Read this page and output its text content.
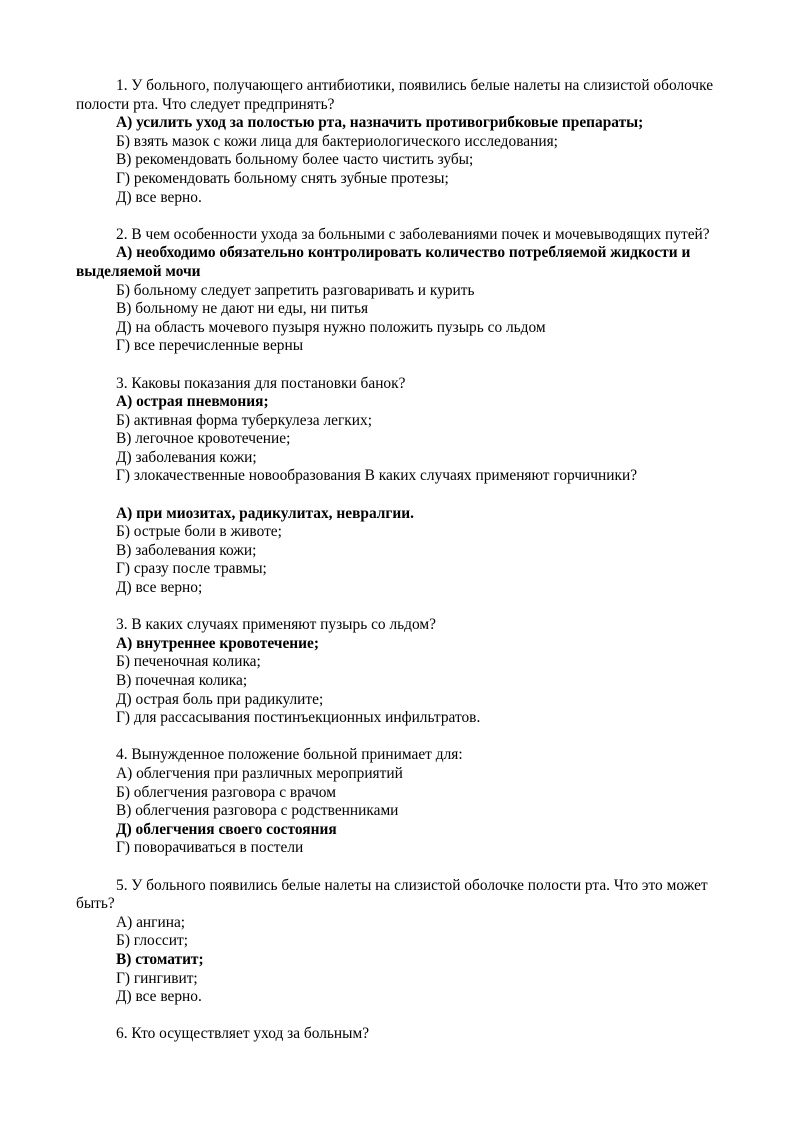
1. У больного, получающего антибиотики, появились белые налеты на слизистой оболочке полости рта. Что следует предпринять?

А) усилить уход за полостью рта, назначить противогрибковые препараты;

Б) взять мазок с кожи лица для бактериологического исследования;

В) рекомендовать больному более часто чистить зубы;

Г) рекомендовать больному снять зубные протезы;

Д) все верно.

2. В чем особенности ухода за больными с заболеваниями почек и мочевыводящих путей?

А) необходимо обязательно контролировать количество потребляемой жидкости и выделяемой мочи

Б) больному следует запретить разговаривать и курить

В) больному не дают ни еды, ни питья

Д) на область мочевого пузыря нужно положить пузырь со льдом

Г) все перечисленные верны

3. Каковы показания для постановки банок?

А) острая пневмония;

Б) активная форма туберкулеза легких;

В) легочное кровотечение;

Д) заболевания кожи;

Г) злокачественные новообразования В каких случаях применяют горчичники?

А) при миозитах, радикулитах, невралгии.

Б) острые боли в животе;

В) заболевания кожи;

Г) сразу после травмы;

Д) все верно;

3. В каких случаях применяют пузырь со льдом?

А) внутреннее кровотечение;

Б) печеночная колика;

В) почечная колика;

Д) острая боль при радикулите;

Г) для рассасывания постинъекционных инфильтратов.

4. Вынужденное положение больной принимает для:

А) облегчения при различных мероприятий

Б) облегчения разговора с врачом

В) облегчения разговора с родственниками

Д) облегчения своего состояния

Г) поворачиваться в постели

5. У больного появились белые налеты на слизистой оболочке полости рта. Что это может быть?

А) ангина;

Б) глоссит;

В) стоматит;

Г) гингивит;

Д) все верно.

6. Кто осуществляет уход за больным?
